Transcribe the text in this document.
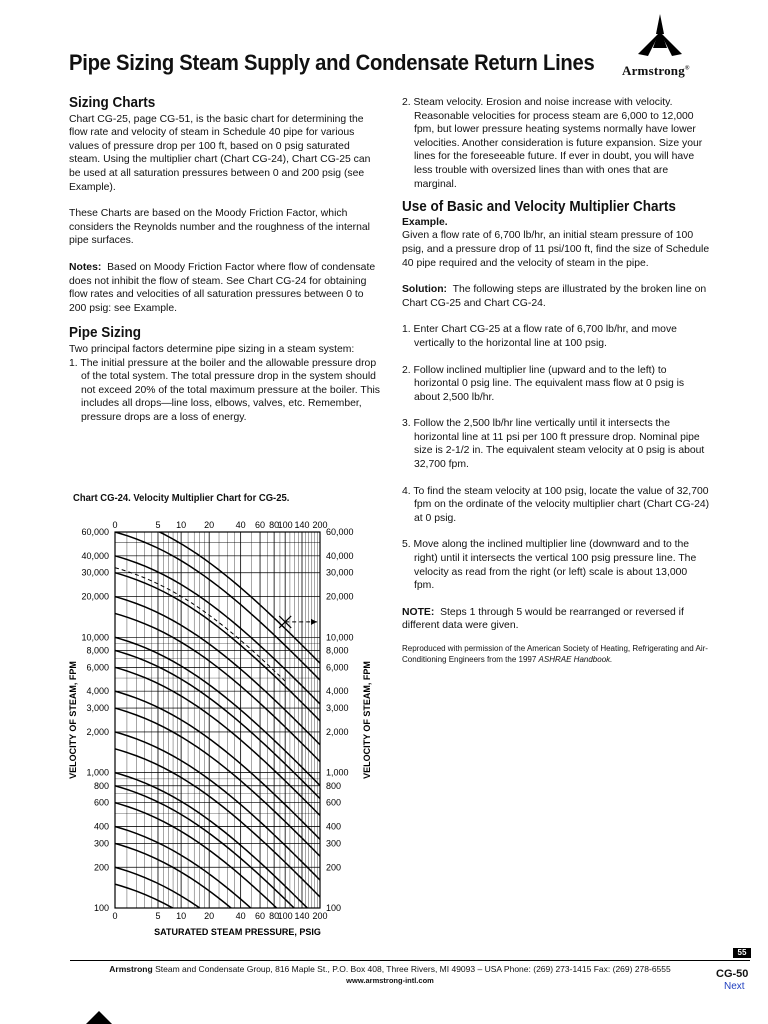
Pipe Sizing Steam Supply and Condensate Return Lines Armstrong®

Sizing Charts

Chart CG-25, page CG-51, is the basic chart for determining the flow rate and velocity of steam in Schedule 40 pipe for various values of pressure drop per 100 ft, based on 0 psig saturated steam. Using the multiplier chart (Chart CG-24), Chart CG-25 can be used at all saturation pressures between 0 and 200 psig (see Example).

These Charts are based on the Moody Friction Factor, which considers the Reynolds number and the roughness of the internal pipe surfaces.

Notes: Based on Moody Friction Factor where flow of condensate does not inhibit the flow of steam. See Chart CG-24 for obtaining flow rates and velocities of all saturation pressures between 0 to 200 psig: see Example.

Pipe Sizing

Two principal factors determine pipe sizing in a steam system:

1. The initial pressure at the boiler and the allowable pressure drop of the total system. The total pressure drop in the system should not exceed 20% of the total maximum pressure at the boiler. This includes all drops—line loss, elbows, valves, etc. Remember, pressure drops are a loss of energy.

2. Steam velocity. Erosion and noise increase with velocity. Reasonable velocities for process steam are 6,000 to 12,000 fpm, but lower pressure heating systems normally have lower velocities. Another consideration is future expansion. Size your lines for the foreseeable future. If ever in doubt, you will have less trouble with oversized lines than with ones that are marginal.

Use of Basic and Velocity Multiplier Charts

Example.

Given a flow rate of 6,700 lb/hr, an initial steam pressure of 100 psig, and a pressure drop of 11 psi/100 ft, find the size of Schedule 40 pipe required and the velocity of steam in the pipe.

Solution: The following steps are illustrated by the broken line on Chart CG-25 and Chart CG-24.

1. Enter Chart CG-25 at a flow rate of 6,700 lb/hr, and move vertically to the horizontal line at 100 psig.

2. Follow inclined multiplier line (upward and to the left) to horizontal 0 psig line. The equivalent mass flow at 0 psig is about 2,500 lb/hr.

3. Follow the 2,500 lb/hr line vertically until it intersects the horizontal line at 11 psi per 100 ft pressure drop. Nominal pipe size is 2-1/2 in. The equivalent steam velocity at 0 psig is about 32,700 fpm.

4. To find the steam velocity at 100 psig, locate the value of 32,700 fpm on the ordinate of the velocity multiplier chart (Chart CG-24) at 0 psig.

5. Move along the inclined multiplier line (downward and to the right) until it intersects the vertical 100 psig pressure line. The velocity as read from the right (or left) scale is about 13,000 fpm.

NOTE: Steps 1 through 5 would be rearranged or reversed if different data were given.

Reproduced with permission of the American Society of Heating, Refrigerating and Air-Conditioning Engineers from the 1997 ASHRAE Handbook.

Chart CG-24. Velocity Multiplier Chart for CG-25.
0
0
5
5
10
10
20
20
40
40
60
60
80
80
100
100
140
140
200
200
100	100
200	200
300	300
400	400
600	600
800	800
1,000	1,000
2,000	2,000
3,000	3,000
4,000	4,000
6,000	6,000
8,000	8,000
10,000	10,000
20,000	20,000
30,000	30,000
40,000	40,000
60,000	60,000
SATURATED STEAM PRESSURE, PSIG
VELOCITY OF STEAM, FPM	VELOCITY OF STEAM, FPM
Armstrong Steam and Condensate Group, 816 Maple St., P.O. Box 408, Three Rivers, MI 49093 – USA Phone: (269) 273-1415 Fax: (269) 278-6555
www.armstrong-intl.com
55
CG-50
Next
